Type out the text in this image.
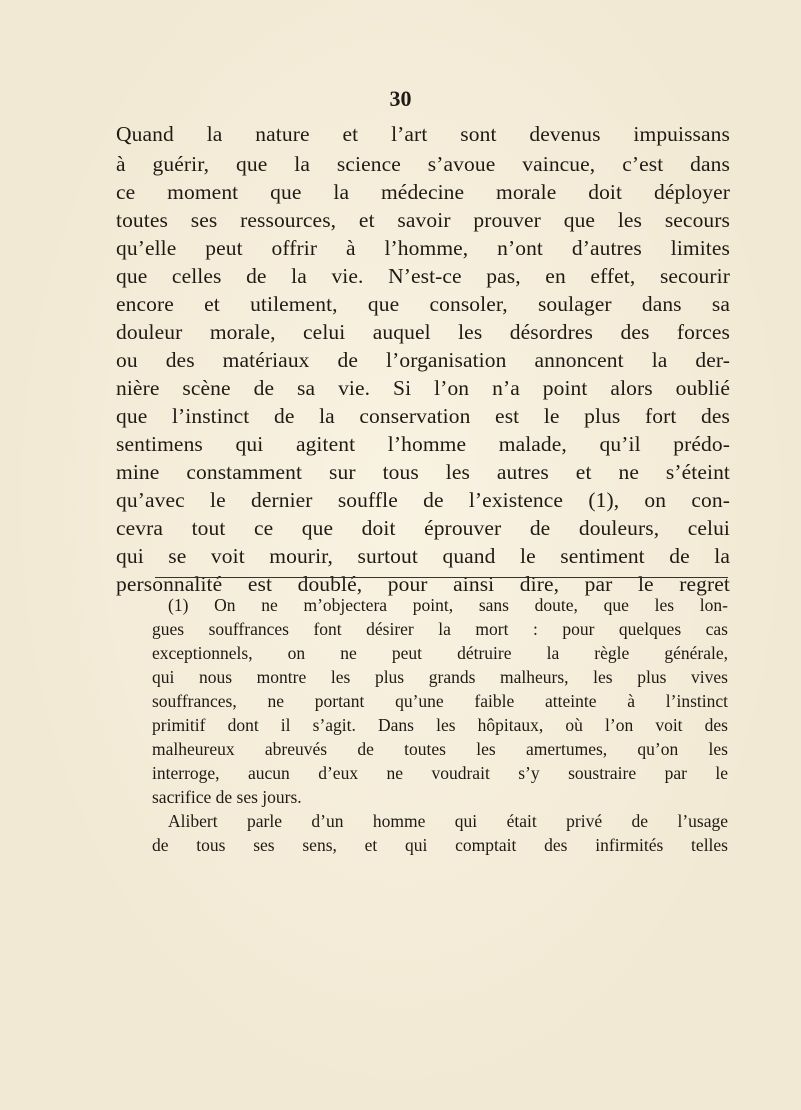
30
Quand la nature et l’art sont devenus impuissans
à guérir, que la science s’avoue vaincue, c’est dans
ce moment que la médecine morale doit déployer
toutes ses ressources, et savoir prouver que les secours
qu’elle peut offrir à l’homme, n’ont d’autres limites
que celles de la vie. N’est-ce pas, en effet, secourir
encore et utilement, que consoler, soulager dans sa
douleur morale, celui auquel les désordres des forces
ou des matériaux de l’organisation annoncent la der-
nière scène de sa vie. Si l’on n’a point alors oublié
que l’instinct de la conservation est le plus fort des
sentimens qui agitent l’homme malade, qu’il prédo-
mine constamment sur tous les autres et ne s’éteint
qu’avec le dernier souffle de l’existence (1), on con-
cevra tout ce que doit éprouver de douleurs, celui
qui se voit mourir, surtout quand le sentiment de la
personnalité est doublé, pour ainsi dire, par le regret
(1) On ne m’objectera point, sans doute, que les lon-
gues souffrances font désirer la mort : pour quelques cas
exceptionnels, on ne peut détruire la règle générale,
qui nous montre les plus grands malheurs, les plus vives
souffrances, ne portant qu’une faible atteinte à l’instinct
primitif dont il s’agit. Dans les hôpitaux, où l’on voit des
malheureux abreuvés de toutes les amertumes, qu’on les
interroge, aucun d’eux ne voudrait s’y soustraire par le
sacrifice de ses jours.
Alibert parle d’un homme qui était privé de l’usage
de tous ses sens, et qui comptait des infirmités telles
